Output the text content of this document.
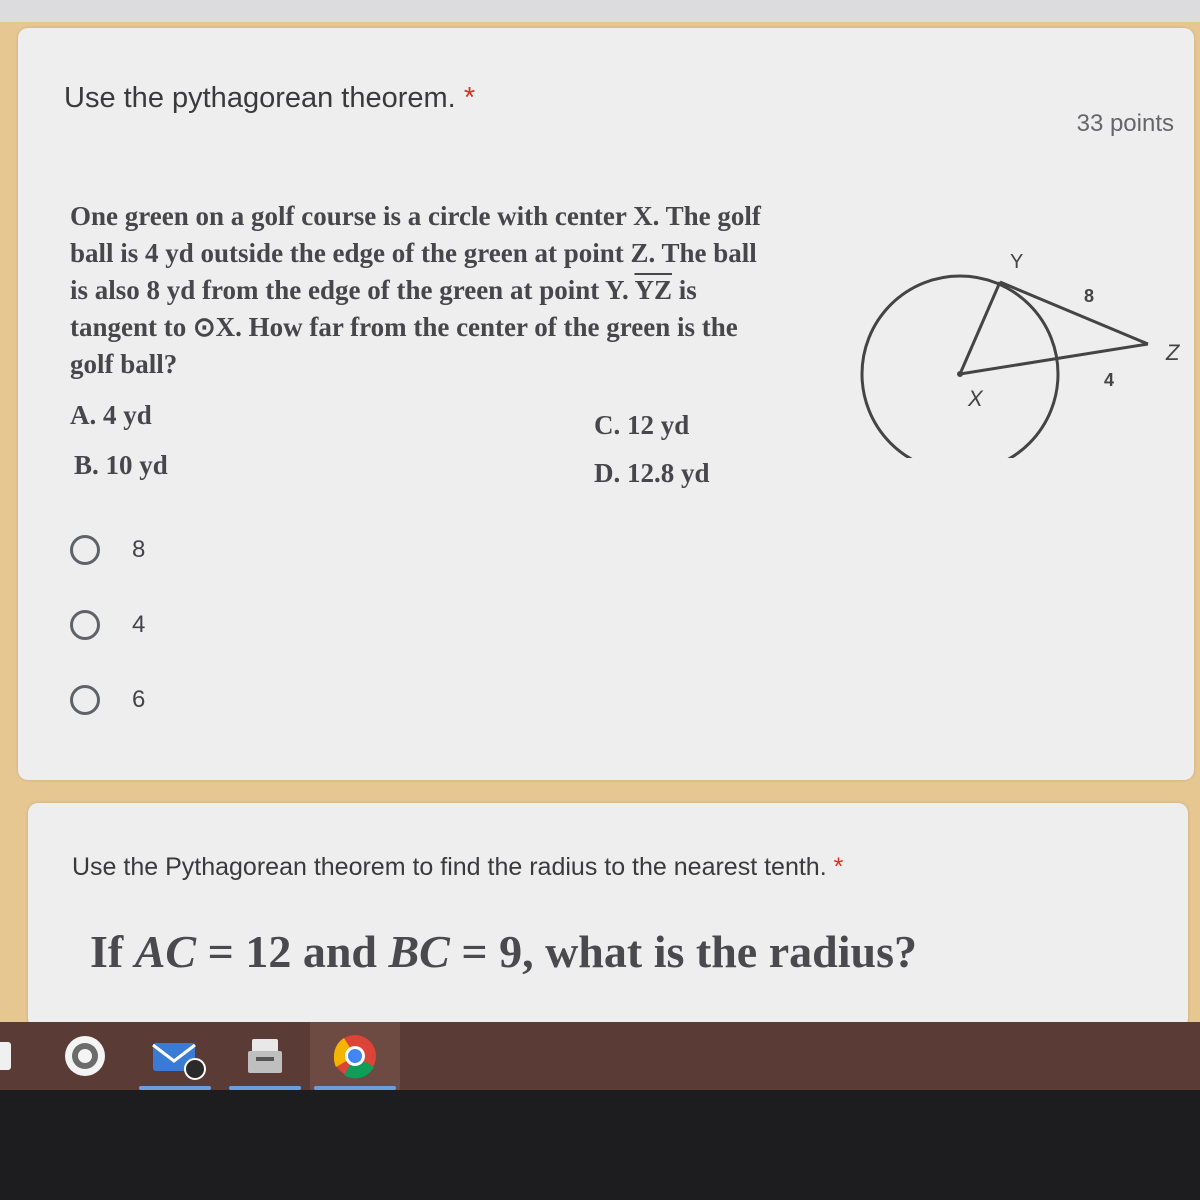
Use the pythagorean theorem. *
33 points
One green on a golf course is a circle with center X. The golf
ball is 4 yd outside the edge of the green at point Z. The ball
is also 8 yd from the edge of the green at point Y. $\overline{YZ}$ is
tangent to ⊙X. How far from the center of the green is the
golf ball?
A. 4 yd
B. 10 yd
C. 12 yd
D. 12.8 yd
Y
8
Z
4
X
8
4
6
Use the Pythagorean theorem to find the radius to the nearest tenth. *
If AC = 12 and BC = 9, what is the radius?
